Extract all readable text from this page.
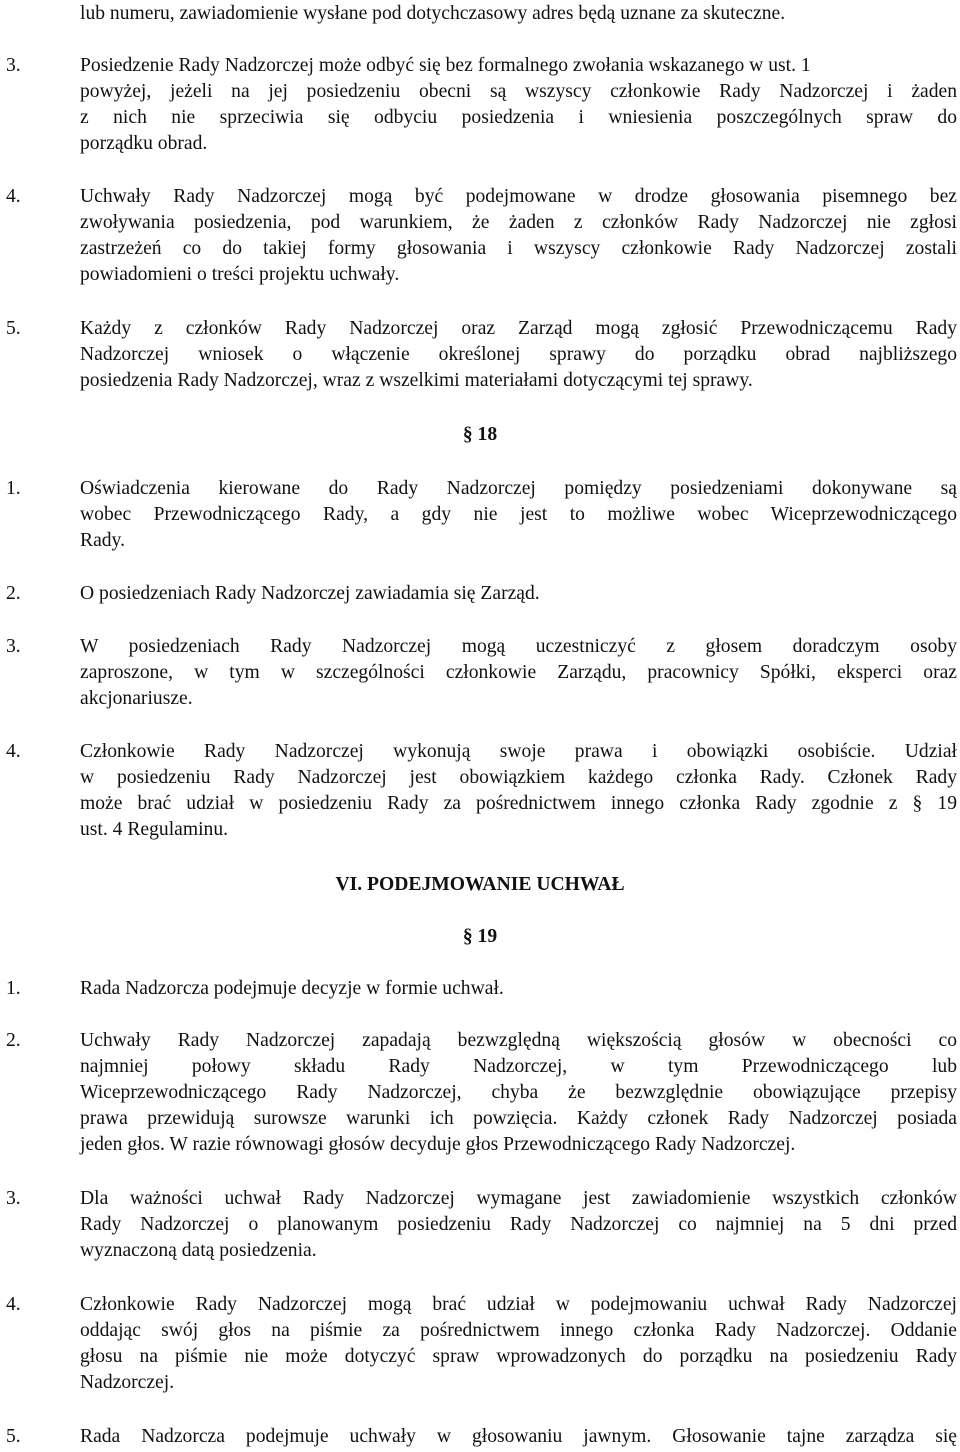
lub numeru, zawiadomienie wysłane pod dotychczasowy adres będą uznane za skuteczne.
3.	Posiedzenie Rady Nadzorczej może odbyć się bez formalnego zwołania wskazanego w ust. 1
powyżej, jeżeli na jej posiedzeniu obecni są wszyscy członkowie Rady Nadzorczej i żaden
z nich nie sprzeciwia się odbyciu posiedzenia i wniesienia poszczególnych spraw do
porządku obrad.
4.	Uchwały Rady Nadzorczej mogą być podejmowane w drodze głosowania pisemnego bez
zwoływania posiedzenia, pod warunkiem, że żaden z członków Rady Nadzorczej nie zgłosi
zastrzeżeń co do takiej formy głosowania i wszyscy członkowie Rady Nadzorczej zostali
powiadomieni o treści projektu uchwały.
5.	Każdy z członków Rady Nadzorczej oraz Zarząd mogą zgłosić Przewodniczącemu Rady
Nadzorczej wniosek o włączenie określonej sprawy do porządku obrad najbliższego
posiedzenia Rady Nadzorczej, wraz z wszelkimi materiałami dotyczącymi tej sprawy.
§ 18
1.	Oświadczenia kierowane do Rady Nadzorczej pomiędzy posiedzeniami dokonywane są
wobec Przewodniczącego Rady, a gdy nie jest to możliwe wobec Wiceprzewodniczącego
Rady.
2.	O posiedzeniach Rady Nadzorczej zawiadamia się Zarząd.
3.	W posiedzeniach Rady Nadzorczej mogą uczestniczyć z głosem doradczym osoby
zaproszone, w tym w szczególności członkowie Zarządu, pracownicy Spółki, eksperci oraz
akcjonariusze.
4.	Członkowie Rady Nadzorczej wykonują swoje prawa i obowiązki osobiście. Udział
w posiedzeniu Rady Nadzorczej jest obowiązkiem każdego członka Rady. Członek Rady
może brać udział w posiedzeniu Rady za pośrednictwem innego członka Rady zgodnie z § 19
ust. 4 Regulaminu.
VI. PODEJMOWANIE UCHWAŁ
§ 19
1.	Rada Nadzorcza podejmuje decyzje w formie uchwał.
2.	Uchwały Rady Nadzorczej zapadają bezwzględną większością głosów w obecności co
najmniej połowy składu Rady Nadzorczej, w tym Przewodniczącego lub
Wiceprzewodniczącego Rady Nadzorczej, chyba że bezwzględnie obowiązujące przepisy
prawa przewidują surowsze warunki ich powzięcia. Każdy członek Rady Nadzorczej posiada
jeden głos. W razie równowagi głosów decyduje głos Przewodniczącego Rady Nadzorczej.
3.	Dla ważności uchwał Rady Nadzorczej wymagane jest zawiadomienie wszystkich członków
Rady Nadzorczej o planowanym posiedzeniu Rady Nadzorczej co najmniej na 5 dni przed
wyznaczoną datą posiedzenia.
4.	Członkowie Rady Nadzorczej mogą brać udział w podejmowaniu uchwał Rady Nadzorczej
oddając swój głos na piśmie za pośrednictwem innego członka Rady Nadzorczej. Oddanie
głosu na piśmie nie może dotyczyć spraw wprowadzonych do porządku na posiedzeniu Rady
Nadzorczej.
5.	Rada Nadzorcza podejmuje uchwały w głosowaniu jawnym. Głosowanie tajne zarządza się
